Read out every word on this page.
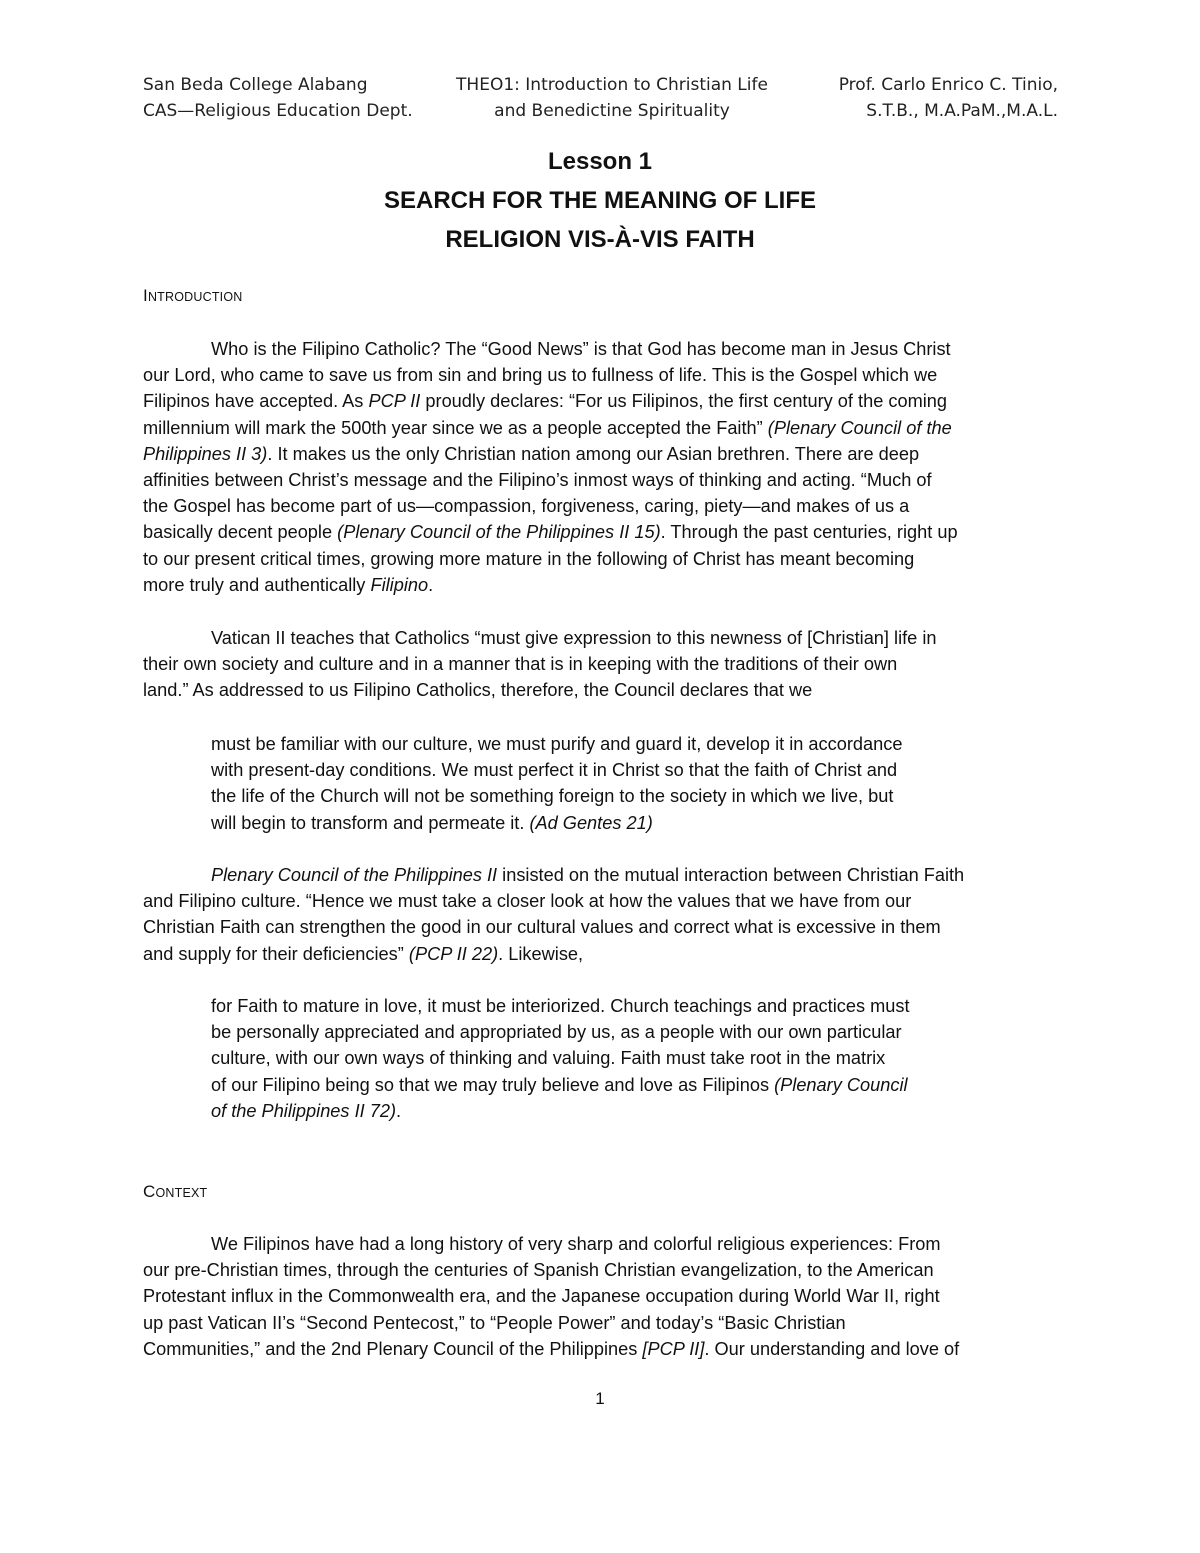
San Beda College Alabang
CAS—Religious Education Dept.
THEO1: Introduction to Christian Life
and Benedictine Spirituality
Prof. Carlo Enrico C. Tinio,
S.T.B., M.A.PaM.,M.A.L.
Lesson 1
SEARCH FOR THE MEANING OF LIFE
RELIGION VIS-À-VIS FAITH
INTRODUCTION

Who is the Filipino Catholic? The “Good News” is that God has become man in Jesus Christ
our Lord, who came to save us from sin and bring us to fullness of life. This is the Gospel which we
Filipinos have accepted. As PCP II proudly declares: “For us Filipinos, the first century of the coming
millennium will mark the 500th year since we as a people accepted the Faith” (Plenary Council of the
Philippines II 3). It makes us the only Christian nation among our Asian brethren. There are deep
affinities between Christ’s message and the Filipino’s inmost ways of thinking and acting. “Much of
the Gospel has become part of us—compassion, forgiveness, caring, piety—and makes of us a
basically decent people (Plenary Council of the Philippines II 15). Through the past centuries, right up
to our present critical times, growing more mature in the following of Christ has meant becoming
more truly and authentically Filipino.

Vatican II teaches that Catholics “must give expression to this newness of [Christian] life in
their own society and culture and in a manner that is in keeping with the traditions of their own
land.” As addressed to us Filipino Catholics, therefore, the Council declares that we

must be familiar with our culture, we must purify and guard it, develop it in accordance
with present-day conditions. We must perfect it in Christ so that the faith of Christ and
the life of the Church will not be something foreign to the society in which we live, but
will begin to transform and permeate it. (Ad Gentes 21)

Plenary Council of the Philippines II insisted on the mutual interaction between Christian Faith
and Filipino culture. “Hence we must take a closer look at how the values that we have from our
Christian Faith can strengthen the good in our cultural values and correct what is excessive in them
and supply for their deficiencies” (PCP II 22). Likewise,

for Faith to mature in love, it must be interiorized. Church teachings and practices must
be personally appreciated and appropriated by us, as a people with our own particular
culture, with our own ways of thinking and valuing. Faith must take root in the matrix
of our Filipino being so that we may truly believe and love as Filipinos (Plenary Council
of the Philippines II 72).

CONTEXT

We Filipinos have had a long history of very sharp and colorful religious experiences: From
our pre-Christian times, through the centuries of Spanish Christian evangelization, to the American
Protestant influx in the Commonwealth era, and the Japanese occupation during World War II, right
up past Vatican II’s “Second Pentecost,” to “People Power” and today’s “Basic Christian
Communities,” and the 2nd Plenary Council of the Philippines [PCP II]. Our understanding and love of

1
